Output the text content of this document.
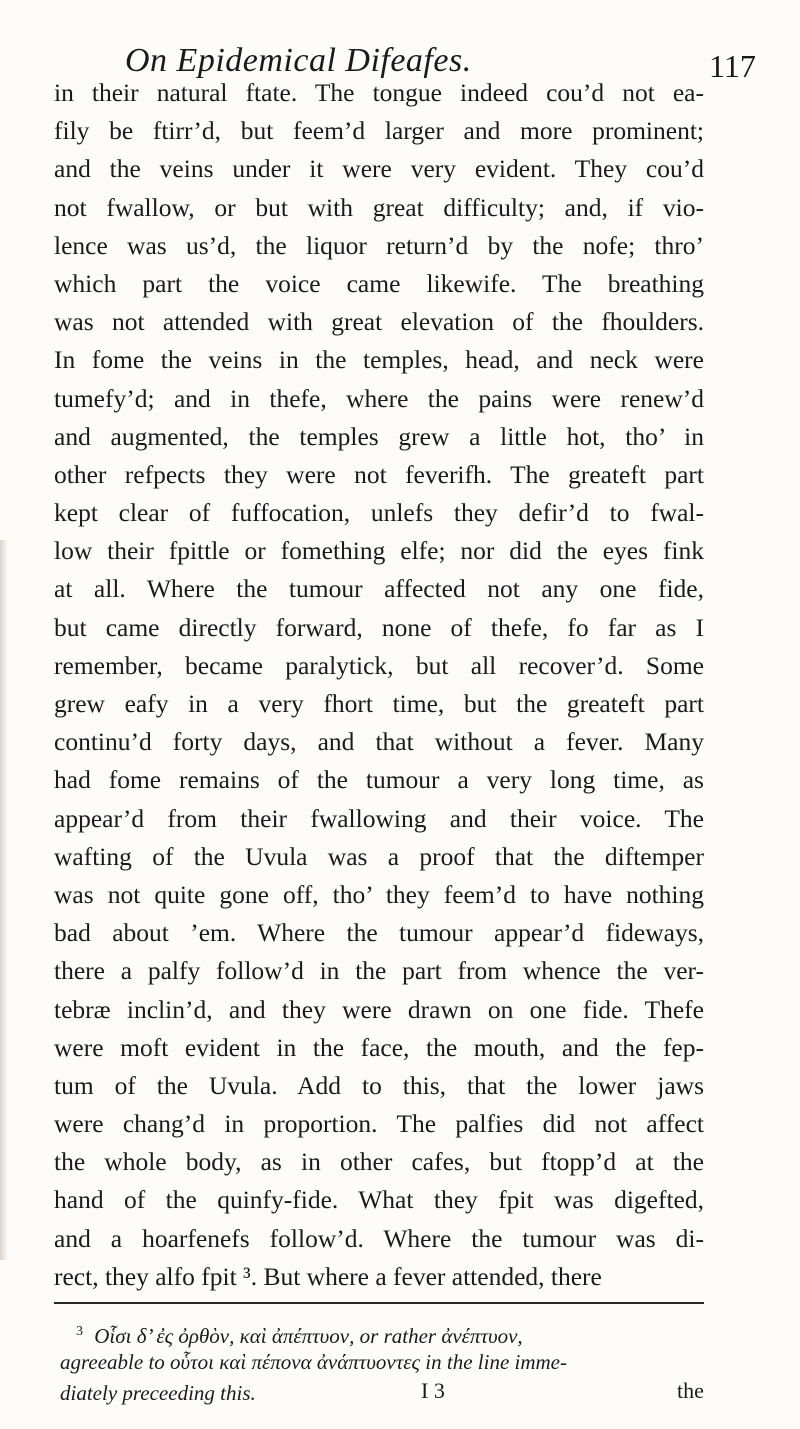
On Epidemical Difeafes.	117
in their natural ftate. The tongue indeed cou’d not ea-
fily be ftirr’d, but feem’d larger and more prominent;
and the veins under it were very evident. They cou’d
not fwallow, or but with great difficulty; and, if vio-
lence was us’d, the liquor return’d by the nofe; thro’
which part the voice came likewife. The breathing
was not attended with great elevation of the fhoulders.
In fome the veins in the temples, head, and neck were
tumefy’d; and in thefe, where the pains were renew’d
and augmented, the temples grew a little hot, tho’ in
other refpects they were not feverifh. The greateft part
kept clear of fuffocation, unlefs they defir’d to fwal-
low their fpittle or fomething elfe; nor did the eyes fink
at all. Where the tumour affected not any one fide,
but came directly forward, none of thefe, fo far as I
remember, became paralytick, but all recover’d. Some
grew eafy in a very fhort time, but the greateft part
continu’d forty days, and that without a fever. Many
had fome remains of the tumour a very long time, as
appear’d from their fwallowing and their voice. The
wafting of the Uvula was a proof that the diftemper
was not quite gone off, tho’ they feem’d to have nothing
bad about ’em. Where the tumour appear’d fideways,
there a palfy follow’d in the part from whence the ver-
tebræ inclin’d, and they were drawn on one fide. Thefe
were moft evident in the face, the mouth, and the fep-
tum of the Uvula. Add to this, that the lower jaws
were chang’d in proportion. The palfies did not affect
the whole body, as in other cafes, but ftopp’d at the
hand of the quinfy-fide. What they fpit was digefted,
and a hoarfenefs follow’d. Where the tumour was di-
rect, they alfo fpit ³. But where a fever attended, there
$^3$ Οἷσι δ’ ἐς ὀρθὸν, καὶ ἀπέπτυον, or rather ἀνέπτυον,
agreeable to οὗτοι καὶ πέπονα ἀνάπτυοντες in the line imme-
diately preceeding this.	I 3	the
